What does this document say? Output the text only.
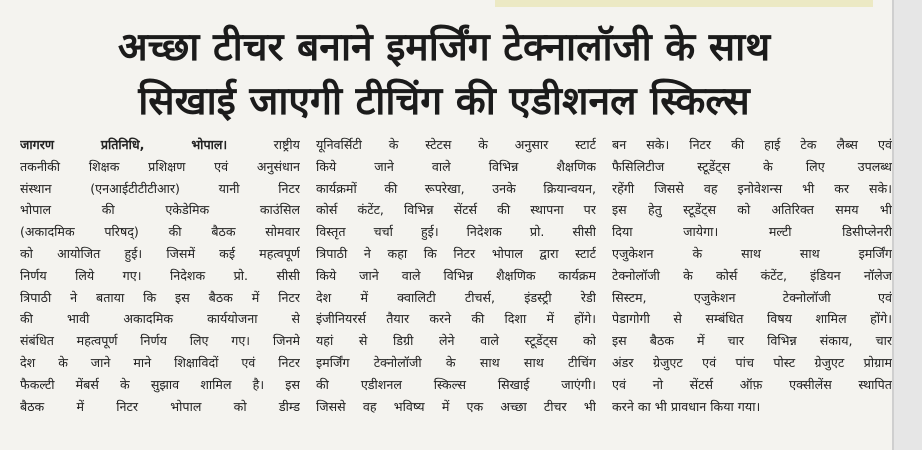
अच्छा टीचर बनाने इमर्जिंग टेक्नालॉजी के साथ
सिखाई जाएगी टीचिंग की एडीशनल स्किल्स
जागरण प्रतिनिधि, भोपाल। राष्ट्रीय
तकनीकी शिक्षक प्रशिक्षण एवं अनुसंधान
संस्थान (एनआईटीटीटीआर) यानी निटर
भोपाल की एकेडेमिक काउंसिल
(अकादमिक परिषद्) की बैठक सोमवार
को आयोजित हुई। जिसमें कई महत्वपूर्ण
निर्णय लिये गए। निदेशक प्रो. सीसी
त्रिपाठी ने बताया कि इस बैठक में निटर
की भावी अकादमिक कार्ययोजना से
संबंधित महत्वपूर्ण निर्णय लिए गए। जिनमे
देश के जाने माने शिक्षाविदों एवं निटर
फैकल्टी मेंबर्स के सुझाव शामिल है। इस
बैठक में निटर भोपाल को डीम्ड
यूनिवर्सिटी के स्टेटस के अनुसार स्टार्ट
किये जाने वाले विभिन्न शैक्षणिक
कार्यक्रमों की रूपरेखा, उनके क्रियान्वयन,
कोर्स कंटेंट, विभिन्न सेंटर्स की स्थापना पर
विस्तृत चर्चा हुई। निदेशक प्रो. सीसी
त्रिपाठी ने कहा कि निटर भोपाल द्वारा स्टार्ट
किये जाने वाले विभिन्न शैक्षणिक कार्यक्रम
देश में क्वालिटी टीचर्स, इंडस्ट्री रेडी
इंजीनियरर्स तैयार करने की दिशा में होंगे।
यहां से डिग्री लेने वाले स्टूडेंट्स को
इमर्जिंग टेक्नोलॉजी के साथ साथ टीचिंग
की एडीशनल स्किल्स सिखाई जाएंगी।
जिससे वह भविष्य में एक अच्छा टीचर भी
बन सके। निटर की हाई टेक लैब्स एवं
फैसिलिटीज स्टूडेंट्स के लिए उपलब्ध
रहेंगी जिससे वह इनोवेशन्स भी कर सके।
इस हेतु स्टूडेंट्स को अतिरिक्त समय भी
दिया जायेगा। मल्टी डिसीप्लेनरी
एजुकेशन के साथ साथ इमर्जिंग
टेक्नोलॉजी के कोर्स कंटेंट, इंडियन नॉलेज
सिस्टम, एजुकेशन टेक्नोलॉजी एवं
पेडागोगी से सम्बंधित विषय शामिल होंगे।
इस बैठक में चार विभिन्न संकाय, चार
अंडर ग्रेजुएट एवं पांच पोस्ट ग्रेजुएट प्रोग्राम
एवं नो सेंटर्स ऑफ़ एक्सीलेंस स्थापित
करने का भी प्रावधान किया गया।
